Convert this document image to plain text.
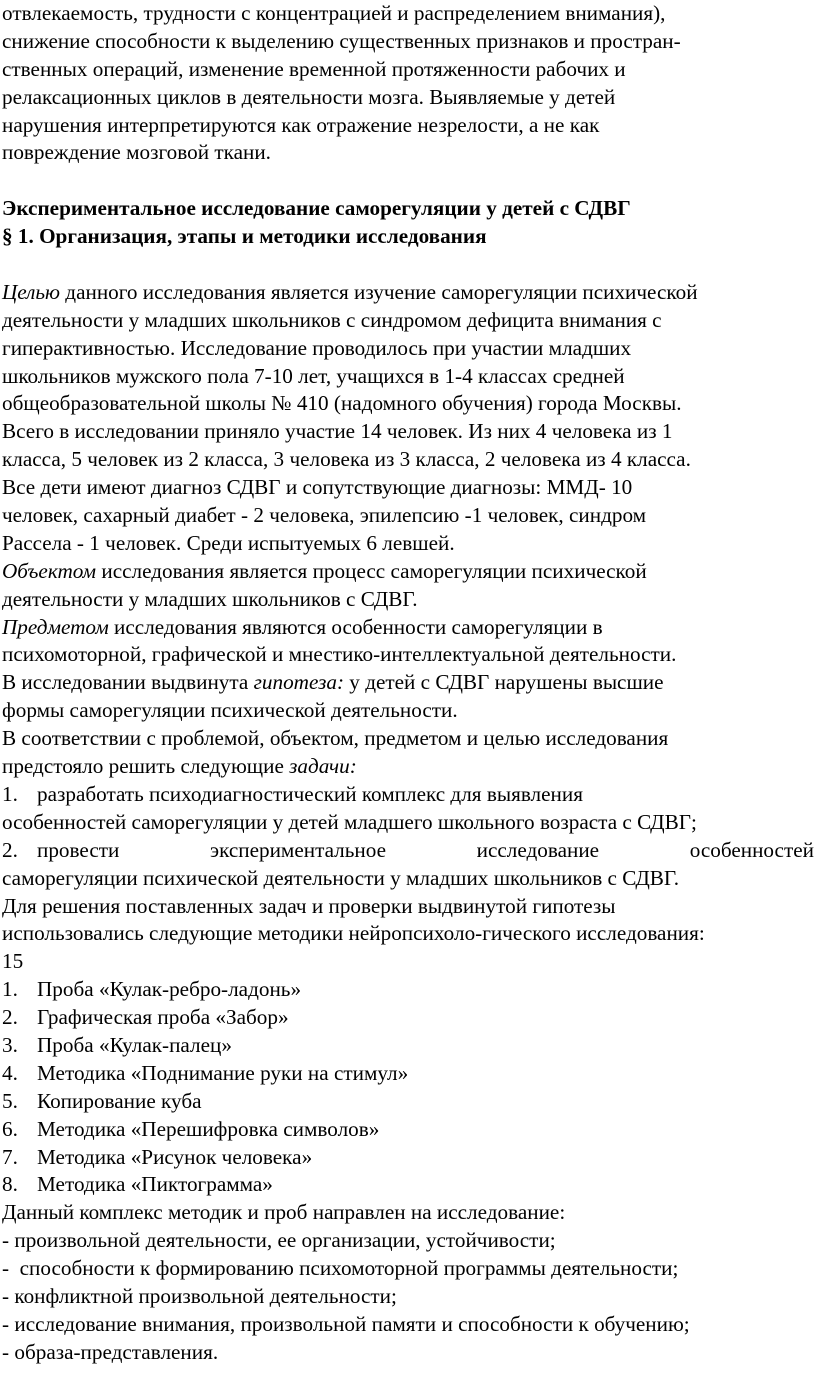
отвлекаемость, трудности с концентрацией и распределением внимания),
снижение способности к выделению существенных признаков и простран-
ственных операций, изменение временной протяженности рабочих и
релаксационных циклов в деятельности мозга. Выявляемые у детей
нарушения интерпретируются как отражение незрелости, а не как
повреждение мозговой ткани.
Экспериментальное исследование саморегуляции у детей с СДВГ
§ 1. Организация, этапы и методики исследования
Целью данного исследования является изучение саморегуляции психической
деятельности у младших школьников с синдромом дефицита внимания с
гиперактивностью. Исследование проводилось при участии младших
школьников мужского пола 7-10 лет, учащихся в 1-4 классах средней
общеобразовательной школы № 410 (надомного обучения) города Москвы.
Всего в исследовании приняло участие 14 человек. Из них 4 человека из 1
класса, 5 человек из 2 класса, 3 человека из 3 класса, 2 человека из 4 класса.
Все дети имеют диагноз СДВГ и сопутствующие диагнозы: ММД- 10
человек, сахарный диабет - 2 человека, эпилепсию -1 человек, синдром
Рассела - 1 человек. Среди испытуемых 6 левшей.
Объектом исследования является процесс саморегуляции психической
деятельности у младших школьников с СДВГ.
Предметом исследования являются особенности саморегуляции в
психомоторной, графической и мнестико-интеллектуальной деятельности.
В исследовании выдвинута гипотеза: у детей с СДВГ нарушены высшие
формы саморегуляции психической деятельности.
В соответствии с проблемой, объектом, предметом и целью исследования
предстояло решить следующие задачи:
1. разработать психодиагностический комплекс для выявления
особенностей саморегуляции у детей младшего школьного возраста с СДВГ;
2. провести	экспериментальное	исследование	особенностей
саморегуляции психической деятельности у младших школьников с СДВГ.
Для решения поставленных задач и проверки выдвинутой гипотезы
использовались следующие методики нейропсихоло-гического исследования:
15
1. Проба «Кулак-ребро-ладонь»
2. Графическая проба «Забор»
3. Проба «Кулак-палец»
4. Методика «Поднимание руки на стимул»
5. Копирование куба
6. Методика «Перешифровка символов»
7. Методика «Рисунок человека»
8. Методика «Пиктограмма»
Данный комплекс методик и проб направлен на исследование:
- произвольной деятельности, ее организации, устойчивости;
-  способности к формированию психомоторной программы деятельности;
- конфликтной произвольной деятельности;
- исследование внимания, произвольной памяти и способности к обучению;
- образа-представления.
